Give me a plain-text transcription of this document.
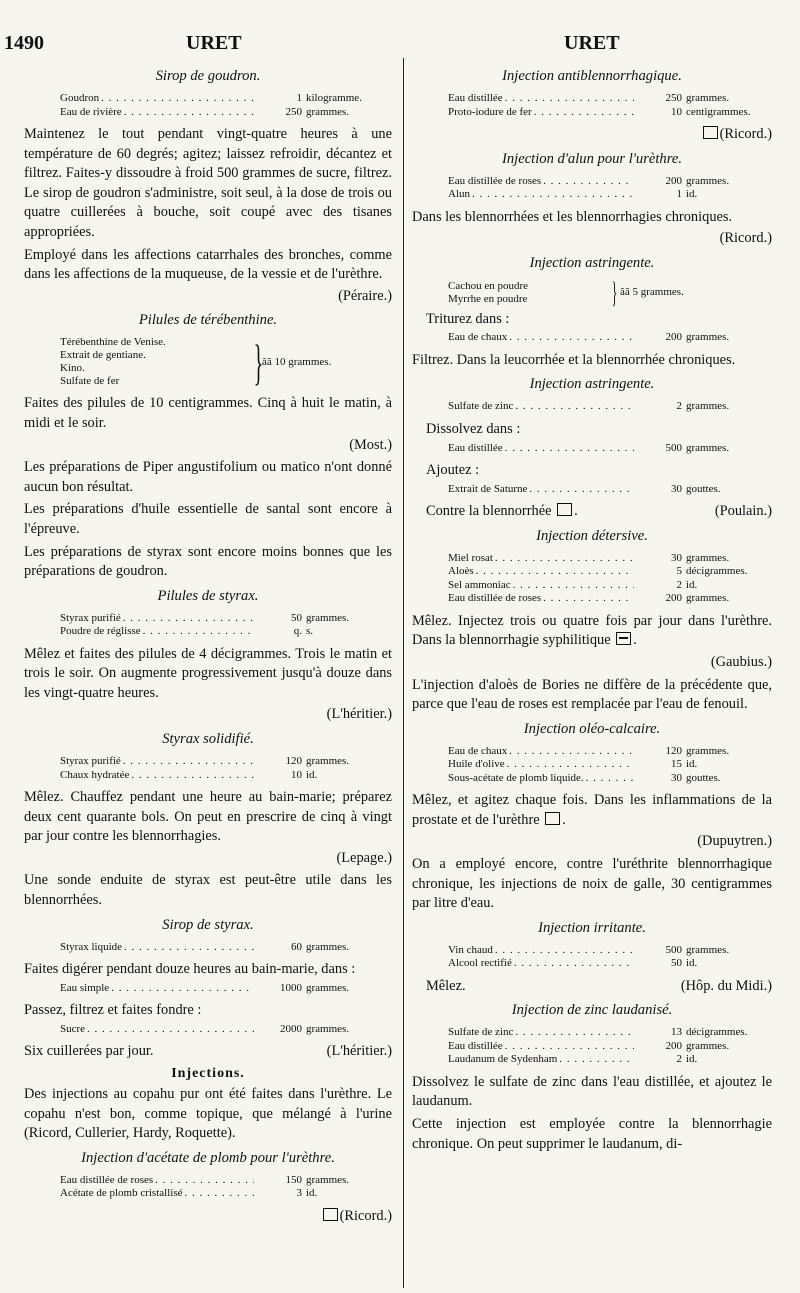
1490	URET	URET
Sirop de goudron.
Goudron . . .	1 kilogramme.
Eau de rivière . . .	250 grammes.

Maintenez le tout pendant vingt-quatre heures à une température de 60 degrés; agitez; laissez refroidir, décantez et filtrez. Faites-y dissoudre à froid 500 grammes de sucre, filtrez. Le sirop de goudron s'administre, soit seul, à la dose de trois ou quatre cuillerées à bouche, soit coupé avec des tisanes appropriées.

Employé dans les affections catarrhales des bronches, comme dans les affections de la muqueuse, de la vessie et de l'urèthre.

(Péraire.)
Pilules de térébenthine.
Térébenthine de Venise.
Extrait de gentiane.
Kino.
Sulfate de fer	}
ãã 10 grammes.

Faites des pilules de 10 centigrammes. Cinq à huit le matin, à midi et le soir.

(Most.)

Les préparations de Piper angustifolium ou matico n'ont donné aucun bon résultat.

Les préparations d'huile essentielle de santal sont encore à l'épreuve.

Les préparations de styrax sont encore moins bonnes que les préparations de goudron.

Pilules de styrax.
Styrax purifié . . .	50 grammes.
Poudre de réglisse . . .	q. s.

Mêlez et faites des pilules de 4 décigrammes. Trois le matin et trois le soir. On augmente progressivement jusqu'à douze dans les vingt-quatre heures.

(L'héritier.)
Styrax solidifié.
Styrax purifié . . .	120 grammes.
Chaux hydratée . . .	10 id.

Mêlez. Chauffez pendant une heure au bain-marie; préparez deux cent quarante bols. On peut en prescrire de cinq à vingt par jour contre les blennorrhagies.

(Lepage.)

Une sonde enduite de styrax est peut-être utile dans les blennorrhées.

Sirop de styrax.
Styrax liquide . . .	60 grammes.

Faites digérer pendant douze heures au bain-marie, dans :

Eau simple . . .	1000 grammes.

Passez, filtrez et faites fondre :

Sucre . . .	2000 grammes.
Six cuillerées par jour.	(L'héritier.)
Injections.

Des injections au copahu pur ont été faites dans l'urèthre. Le copahu n'est bon, comme topique, que mélangé à l'urine (Ricord, Cullerier, Hardy, Roquette).

Injection d'acétate de plomb pour l'urèthre.
Eau distillée de roses . . .	150 grammes.
Acétate de plomb cristallisé . . .	3 id.
(Ricord.)
Injection antiblennorrhagique.
Eau distillée . . .	250 grammes.
Proto-iodure de fer . . .	10 centigrammes.
(Ricord.)
Injection d'alun pour l'urèthre.
Eau distillée de roses . . .	200 grammes.
Alun . . .	1 id.

Dans les blennorrhées et les blennorrhagies chroniques.

(Ricord.)
Injection astringente.
Cachou en poudre
Myrrhe en poudre	} ãã 5 grammes.

Triturez dans :

Eau de chaux . . .	200 grammes.

Filtrez. Dans la leucorrhée et la blennorrhée chroniques.

Injection astringente.
Sulfate de zinc . . .	2 grammes.

Dissolvez dans :

Eau distillée . . .	500 grammes.

Ajoutez :

Extrait de Saturne . . .	30 gouttes.
Contre la blennorrhée .	(Poulain.)
Injection détersive.
Miel rosat . . .	30 grammes.
Aloès . . .	5 décigrammes.
Sel ammoniac . . .	2 id.
Eau distillée de roses . . .	200 grammes.

Mêlez. Injectez trois ou quatre fois par jour dans l'urèthre. Dans la blennorrhagie syphilitique .

(Gaubius.)

L'injection d'aloès de Bories ne diffère de la précédente que, parce que l'eau de roses est remplacée par l'eau de fenouil.

Injection oléo-calcaire.
Eau de chaux . . .	120 grammes.
Huile d'olive . . .	15 id.
Sous-acétate de plomb liquide. . . .	30 gouttes.

Mêlez, et agitez chaque fois. Dans les inflammations de la prostate et de l'urèthre .

(Dupuytren.)

On a employé encore, contre l'uréthrite blennorrhagique chronique, les injections de noix de galle, 30 centigrammes par litre d'eau.

Injection irritante.
Vin chaud . . .	500 grammes.
Alcool rectifié . . .	50 id.
Mêlez.	(Hôp. du Midi.)
Injection de zinc laudanisé.
Sulfate de zinc . . .	13 décigrammes.
Eau distillée . . .	200 grammes.
Laudanum de Sydenham . . .	2 id.

Dissolvez le sulfate de zinc dans l'eau distillée, et ajoutez le laudanum.

Cette injection est employée contre la blennorrhagie chronique. On peut supprimer le laudanum, di-
